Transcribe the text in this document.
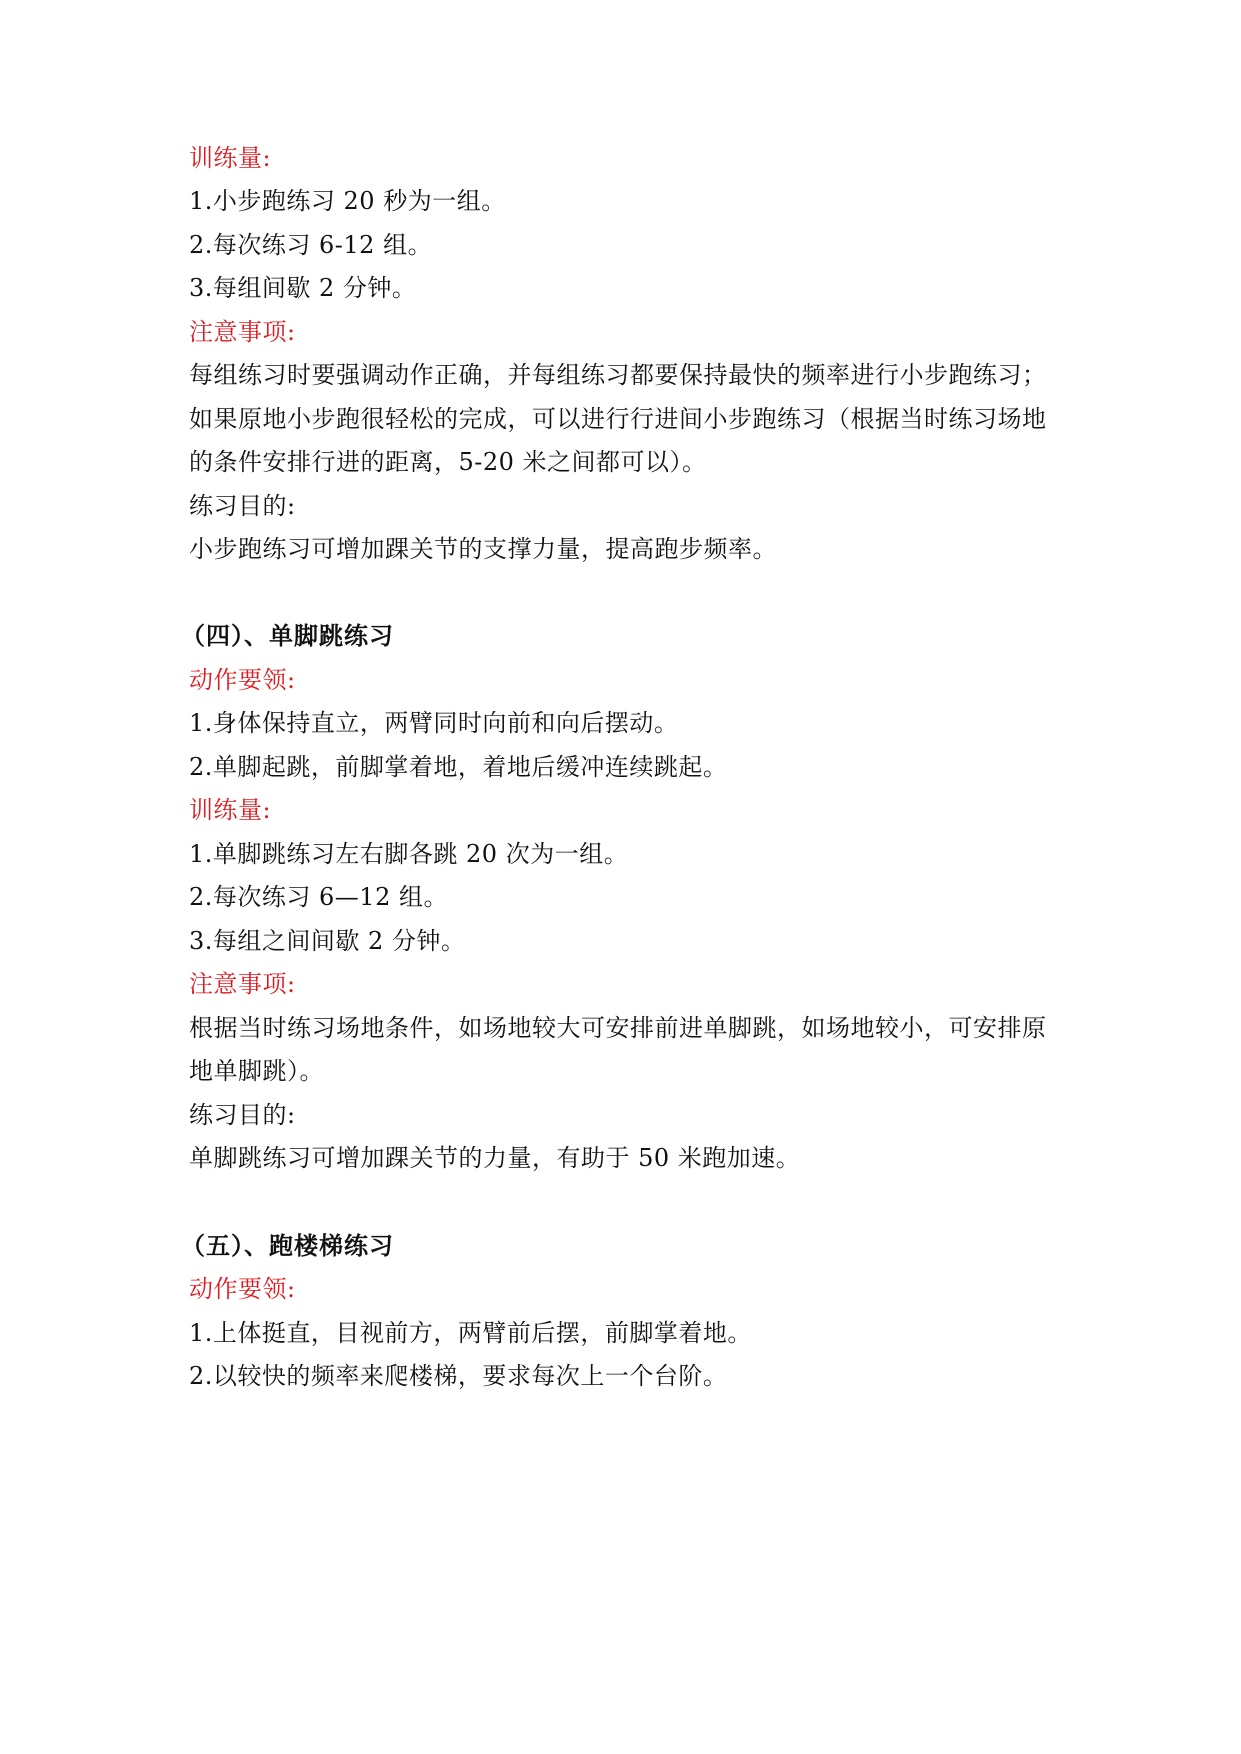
训练量:
1.小步跑练习 20 秒为一组。
2.每次练习 6-12 组。
3.每组间歇 2 分钟。
注意事项:
每组练习时要强调动作正确，并每组练习都要保持最快的频率进行小步跑练习；
如果原地小步跑很轻松的完成，可以进行行进间小步跑练习（根据当时练习场地
的条件安排行进的距离，5-20 米之间都可以）。
练习目的:
小步跑练习可增加踝关节的支撑力量，提高跑步频率。
（四）、单脚跳练习
动作要领:
1.身体保持直立，两臂同时向前和向后摆动。
2.单脚起跳，前脚掌着地，着地后缓冲连续跳起。
训练量:
1.单脚跳练习左右脚各跳 20 次为一组。
2.每次练习 6—12 组。
3.每组之间间歇 2 分钟。
注意事项:
根据当时练习场地条件，如场地较大可安排前进单脚跳，如场地较小，可安排原
地单脚跳）。
练习目的:
单脚跳练习可增加踝关节的力量，有助于 50 米跑加速。
（五）、跑楼梯练习
动作要领:
1.上体挺直，目视前方，两臂前后摆，前脚掌着地。
2.以较快的频率来爬楼梯，要求每次上一个台阶。
